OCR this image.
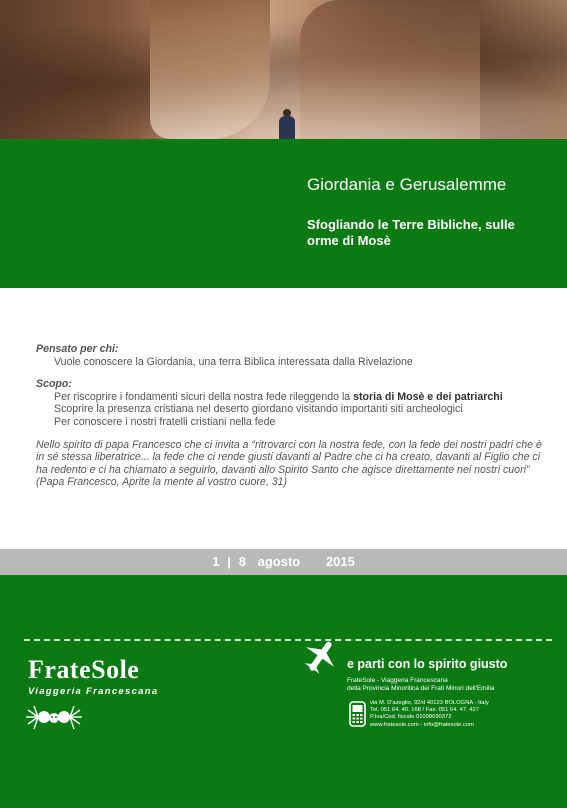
Giordania e Gerusalemme
Sfogliando le Terre Bibliche, sulle orme di Mosè
Pensato per chi:
Vuole conoscere la Giordania, una terra Biblica interessata dalla Rivelazione
Scopo:
Per riscoprire i fondamenti sicuri della nostra fede rileggendo la storia di Mosè e dei patriarchi
Scoprire la presenza cristiana nel deserto giordano visitando importanti siti archeologici
Per conoscere i nostri fratelli cristiani nella fede
Nello spirito di papa Francesco che ci invita a “ritrovarci con la nostra fede, con la fede dei nostri padri che è in sé stessa liberatrice... la fede che ci rende giusti davanti al Padre che ci ha creato, davanti al Figlio che ci ha redento e ci ha chiamato a seguirlo, davanti allo Spirito Santo che agisce direttamente nei nostri cuori” (Papa Francesco, Aprite la mente al vostro cuore, 31)
1 | 8 agosto 2015
FrateSole
Viaggeria Francescana
e parti con lo spirito giusto
FrateSole - Viaggeria Francescana
della Provincia Minoritica dei Frati Minori dell'Emilia
via M. D'azeglio, 92/d 40123 BOLOGNA - Italy
Tel. 051 64. 40. 168 / Fax. 051 64. 47. 427
P.Iva/Cod. fiscale 01098690372
www.fratesole.com - info@fratesole.com
